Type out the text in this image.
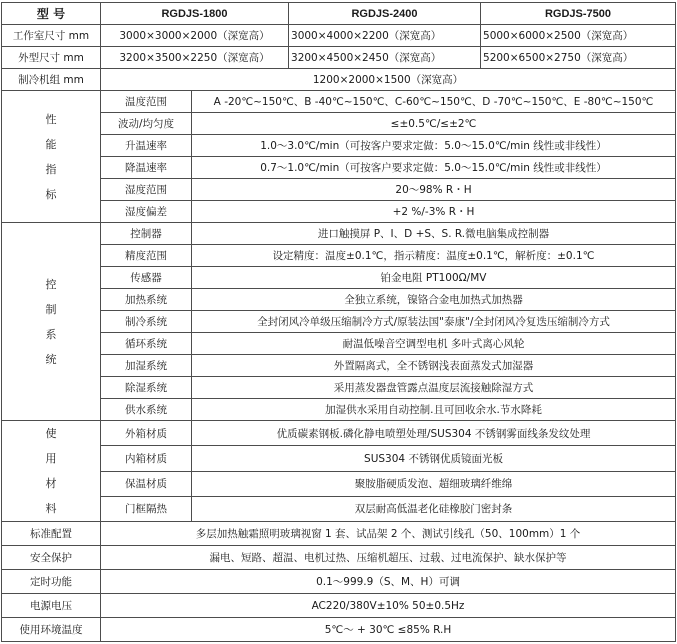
型 号	RGDJS-1800		RGDJS-2400	RGDJS-7500
工作室尺寸 mm	3000×3000×2000（深宽高）		3000×4000×2200（深宽高）	5000×6000×2500（深宽高）
外型尺寸 mm	3200×3500×2250（深宽高）		3200×4500×2450（深宽高）	5200×6500×2750（深宽高）
制冷机组 mm	1200×2000×1500（深宽高）			

性
能
指
标	温度范围	A -20℃~150℃、B -40℃~150℃、C-60℃~150℃、D -70℃~150℃、E -80℃~150℃		
	波动/均匀度	≤±0.5℃/≤±2℃		
	升温速率	1.0～3.0℃/min（可按客户要求定做：5.0～15.0℃/min 线性或非线性）		
	降温速率	0.7～1.0℃/min（可按客户要求定做：5.0～15.0℃/min 线性或非线性）		
	湿度范围	20～98% R・H		
	湿度偏差	+2 %/-3% R・H		

控
制
系
统	控制器	进口触摸屏 P、I、D +S、S. R.微电脑集成控制器		
	精度范围	设定精度：温度±0.1℃，指示精度：温度±0.1℃，解析度：±0.1℃		
	传感器	铂金电阻 PT100Ω/MV		
	加热系统	全独立系统，镍铬合金电加热式加热器		
	制冷系统	全封闭风冷单级压缩制冷方式/原装法国"泰康"/全封闭风冷复迭压缩制冷方式		
	循环系统	耐温低噪音空调型电机 多叶式离心风轮		
	加湿系统	外置隔离式，全不锈钢浅表面蒸发式加湿器		
	除湿系统	采用蒸发器盘管露点温度层流接触除湿方式		
	供水系统	加湿供水采用自动控制.且可回收余水.节水降耗		

使
用
材
料	外箱材质	优质碳素钢板.磷化静电喷塑处理/SUS304 不锈钢雾面线条发纹处理		
	内箱材质	SUS304 不锈钢优质镜面光板		
	保温材质	聚胺脂硬质发泡、超细玻璃纤维绵		
	门框隔热	双层耐高低温老化硅橡胶门密封条		
标准配置	多层加热触霜照明玻璃视窗 1 套、试品架 2 个、测试引线孔（50、100mm）1 个			
安全保护	漏电、短路、超温、电机过热、压缩机超压、过载、过电流保护、缺水保护等			
定时功能	0.1～999.9（S、M、H）可调			
电源电压	AC220/380V±10% 50±0.5Hz			
使用环境温度	5℃～ + 30℃ ≤85% R.H			
